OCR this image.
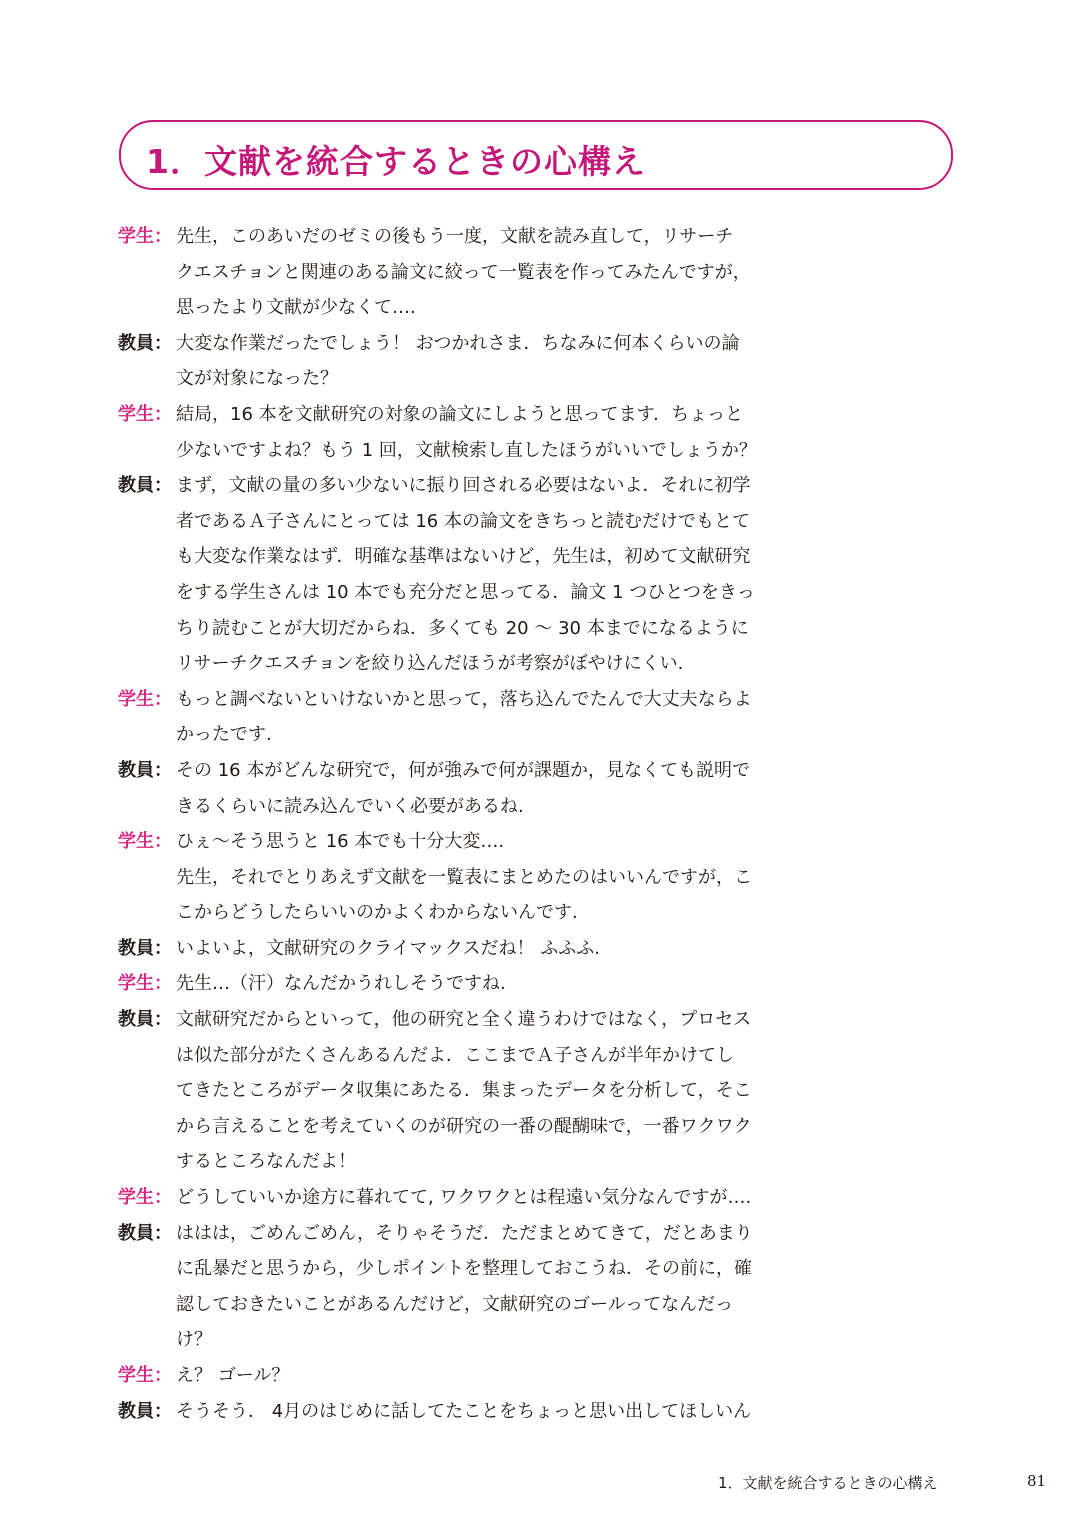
1．文献を統合するときの心構え
学生： 先生，このあいだのゼミの後もう一度，文献を読み直して，リサーチ
クエスチョンと関連のある論文に絞って一覧表を作ってみたんですが，
思ったより文献が少なくて….
教員： 大変な作業だったでしょう！ おつかれさま．ちなみに何本くらいの論
文が対象になった？
学生： 結局，16 本を文献研究の対象の論文にしようと思ってます．ちょっと
少ないですよね？もう 1 回，文献検索し直したほうがいいでしょうか？
教員： まず，文献の量の多い少ないに振り回される必要はないよ．それに初学
者であるＡ子さんにとっては 16 本の論文をきちっと読むだけでもとて
も大変な作業なはず．明確な基準はないけど，先生は，初めて文献研究
をする学生さんは 10 本でも充分だと思ってる．論文 1 つひとつをきっ
ちり読むことが大切だからね．多くても 20 ～ 30 本までになるように
リサーチクエスチョンを絞り込んだほうが考察がぼやけにくい.
学生： もっと調べないといけないかと思って，落ち込んでたんで大丈夫ならよ
かったです.
教員： その 16 本がどんな研究で，何が強みで何が課題か，見なくても説明で
きるくらいに読み込んでいく必要があるね.
学生： ひぇ～そう思うと 16 本でも十分大変….
先生，それでとりあえず文献を一覧表にまとめたのはいいんですが，こ
こからどうしたらいいのかよくわからないんです.
教員： いよいよ，文献研究のクライマックスだね！ ふふふ.
学生： 先生…（汗）なんだかうれしそうですね.
教員： 文献研究だからといって，他の研究と全く違うわけではなく，プロセス
は似た部分がたくさんあるんだよ．ここまでＡ子さんが半年かけてし
てきたところがデータ収集にあたる．集まったデータを分析して，そこ
から言えることを考えていくのが研究の一番の醍醐味で，一番ワクワク
するところなんだよ！
学生： どうしていいか途方に暮れてて, ワクワクとは程遠い気分なんですが….
教員： ははは，ごめんごめん，そりゃそうだ．ただまとめてきて，だとあまり
に乱暴だと思うから，少しポイントを整理しておこうね．その前に，確
認しておきたいことがあるんだけど，文献研究のゴールってなんだっ
け？
学生： え？ ゴール？
教員： そうそう． 4月のはじめに話してたことをちょっと思い出してほしいん
1．文献を統合するときの心構え	81
